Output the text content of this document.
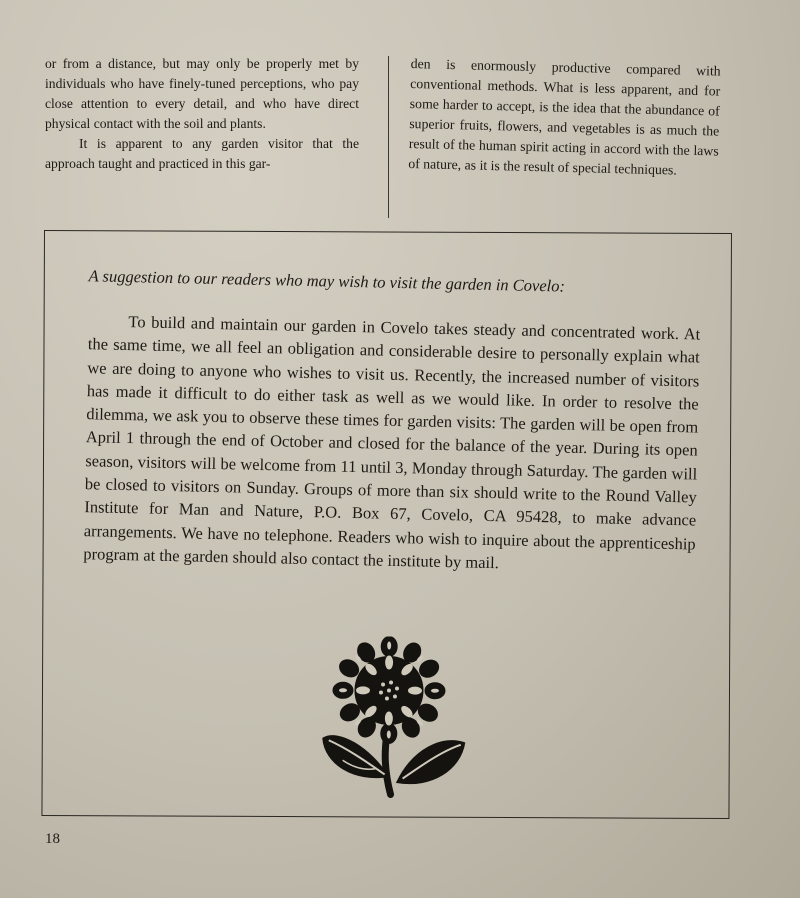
or from a distance, but may only be properly met by individuals who have finely-tuned perceptions, who pay close attention to every detail, and who have direct physical contact with the soil and plants.

It is apparent to any garden visitor that the approach taught and practiced in this gar-

den is enormously productive compared with conventional methods. What is less apparent, and for some harder to accept, is the idea that the abundance of superior fruits, flowers, and vegetables is as much the result of the human spirit acting in accord with the laws of nature, as it is the result of special techniques.

A suggestion to our readers who may wish to visit the garden in Covelo:
To build and maintain our garden in Covelo takes steady and concentrated work. At the same time, we all feel an obligation and considerable desire to personally explain what we are doing to anyone who wishes to visit us. Recently, the increased number of visitors has made it difficult to do either task as well as we would like. In order to resolve the dilemma, we ask you to observe these times for garden visits: The garden will be open from April 1 through the end of October and closed for the balance of the year. During its open season, visitors will be welcome from 11 until 3, Monday through Saturday. The garden will be closed to visitors on Sunday. Groups of more than six should write to the Round Valley Institute for Man and Nature, P.O. Box 67, Covelo, CA 95428, to make advance arrangements. We have no telephone. Readers who wish to inquire about the apprenticeship program at the garden should also contact the institute by mail.
18
